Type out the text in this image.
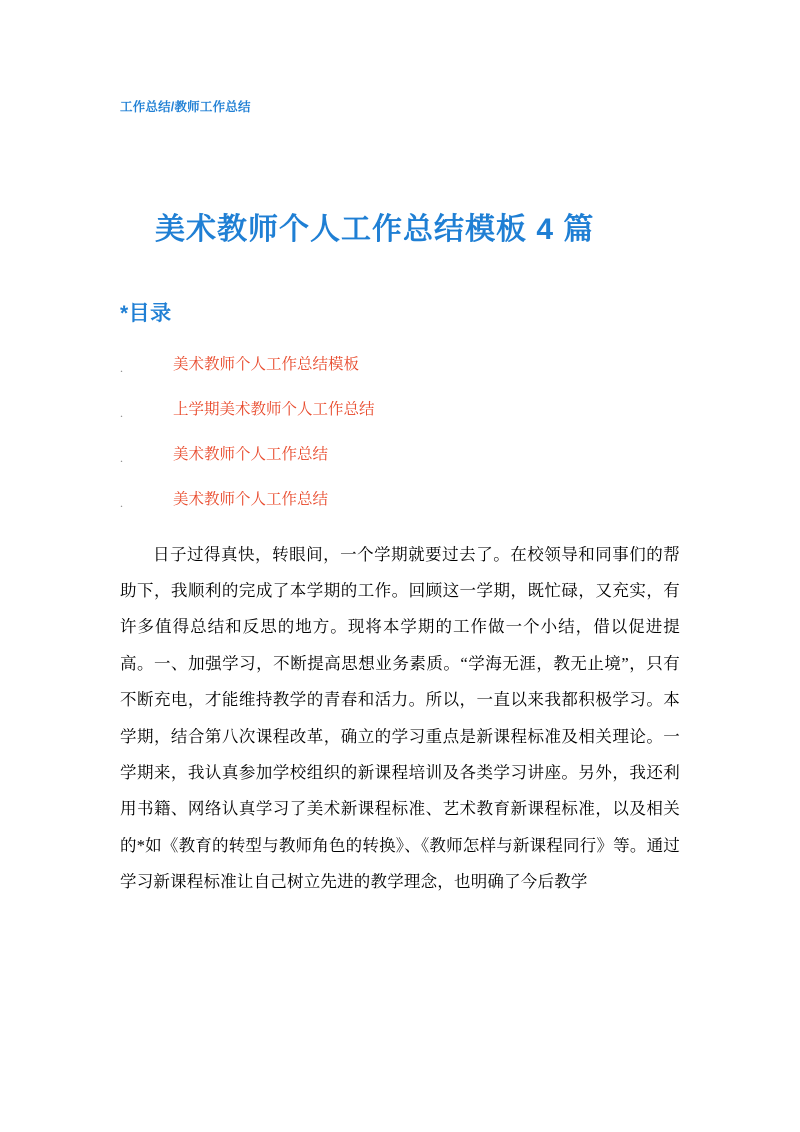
工作总结/教师工作总结
美术教师个人工作总结模板 4 篇
*目录
.	美术教师个人工作总结模板
.	上学期美术教师个人工作总结
.	美术教师个人工作总结
.	美术教师个人工作总结

日子过得真快，转眼间，一个学期就要过去了。在校领导和同事们的帮助下，我顺利的完成了本学期的工作。回顾这一学期，既忙碌，又充实，有许多值得总结和反思的地方。现将本学期的工作做一个小结，借以促进提高。一、加强学习，不断提高思想业务素质。“学海无涯，教无止境”，只有不断充电，才能维持教学的青春和活力。所以，一直以来我都积极学习。本学期，结合第八次课程改革，确立的学习重点是新课程标准及相关理论。一学期来，我认真参加学校组织的新课程培训及各类学习讲座。另外，我还利用书籍、网络认真学习了美术新课程标准、艺术教育新课程标准，以及相关的*如《教育的转型与教师角色的转换》、《教师怎样与新课程同行》等。通过学习新课程标准让自己树立先进的教学理念，也明确了今后教学
